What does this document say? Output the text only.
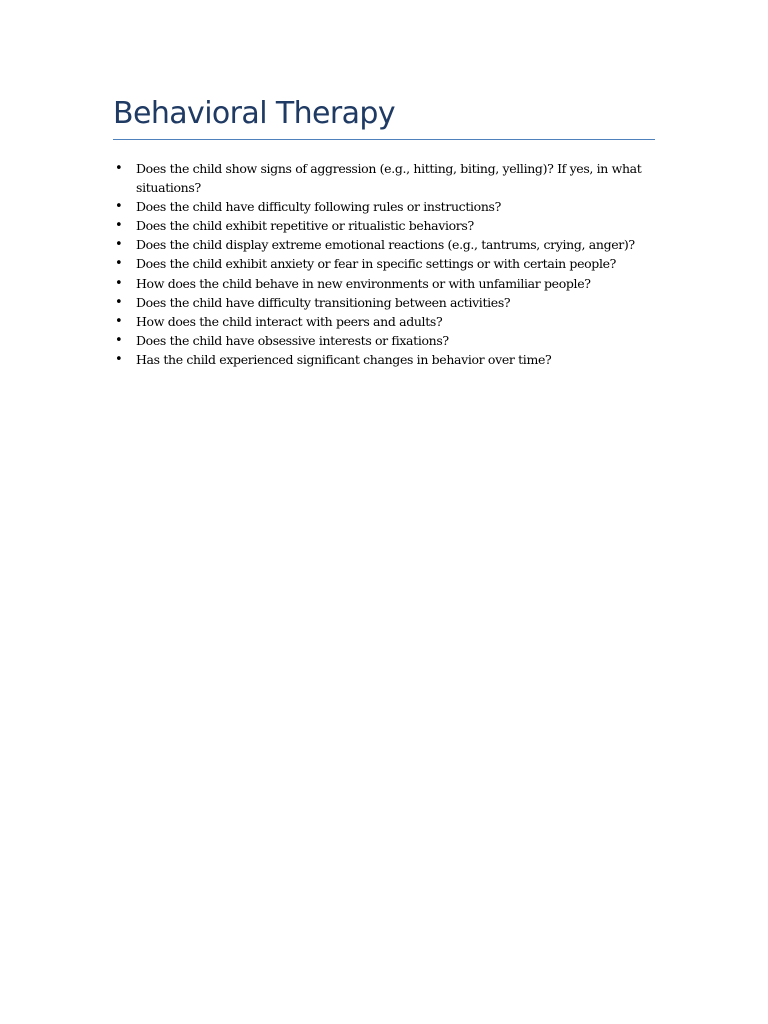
Behavioral Therapy
• Does the child show signs of aggression (e.g., hitting, biting, yelling)? If yes, in what situations?
• Does the child have difficulty following rules or instructions?
• Does the child exhibit repetitive or ritualistic behaviors?
• Does the child display extreme emotional reactions (e.g., tantrums, crying, anger)?
• Does the child exhibit anxiety or fear in specific settings or with certain people?
• How does the child behave in new environments or with unfamiliar people?
• Does the child have difficulty transitioning between activities?
• How does the child interact with peers and adults?
• Does the child have obsessive interests or fixations?
• Has the child experienced significant changes in behavior over time?
